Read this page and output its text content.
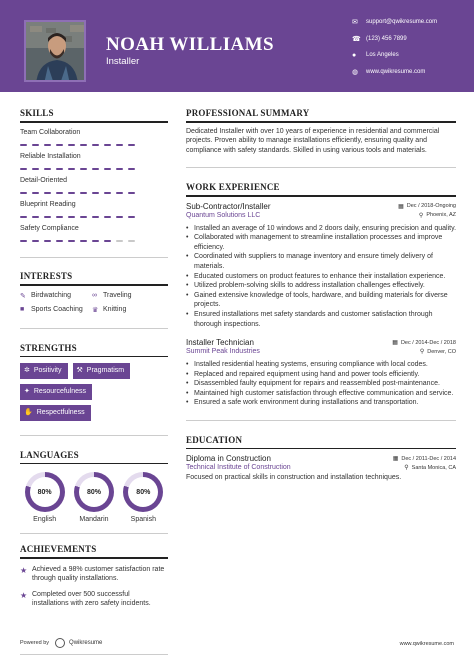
NOAH WILLIAMS
Installer
✉	support@qwikresume.com
☎ (123) 456 7899
●	Los Angeles
◍	www.qwikresume.com
SKILLS
Team Collaboration
Reliable Installation
Detail-Oriented
Blueprint Reading
Safety Compliance
INTERESTS
✎ Birdwatching	∞ Traveling
■ Sports Coaching ♛ Knitting
STRENGTHS
✲ Positivity ⚒ Pragmatism
✦ Resourcefulness
✋ Respectfulness
LANGUAGES
80%
English
80%
Mandarin
80%
Spanish
ACHIEVEMENTS
★ Achieved a 98% customer satisfaction rate through quality installations.
★ Completed over 500 successful installations with zero safety incidents.
PROFESSIONAL SUMMARY
Dedicated Installer with over 10 years of experience in residential and commercial projects. Proven ability to manage installations efficiently, ensuring quality and compliance with safety standards. Skilled in using various tools and materials.
WORK EXPERIENCE
Sub-Contractor/Installer	▦ Dec / 2018-Ongoing
Quantum Solutions LLC	⚲ Phoenix, AZ
• Installed an average of 10 windows and 2 doors daily, ensuring precision and quality.
• Collaborated with management to streamline installation processes and improve efficiency.
• Coordinated with suppliers to manage inventory and ensure timely delivery of materials.
• Educated customers on product features to enhance their installation experience.
• Utilized problem-solving skills to address installation challenges effectively.
• Gained extensive knowledge of tools, hardware, and building materials for diverse projects.
• Ensured installations met safety standards and customer satisfaction through thorough inspections.
Installer Technician	▦ Dec / 2014-Dec / 2018
Summit Peak Industries	⚲ Denver, CO
• Installed residential heating systems, ensuring compliance with local codes.
• Replaced and repaired equipment using hand and power tools efficiently.
• Disassembled faulty equipment for repairs and reassembled post-maintenance.
• Maintained high customer satisfaction through effective communication and service.
• Ensured a safe work environment during installations and transportation.
EDUCATION
Diploma in Construction	▦ Dec / 2011-Dec / 2014
Technical Institute of Construction	⚲ Santa Monica, CA
Focused on practical skills in construction and installation techniques.
Powered by	Qwikresume	www.qwikresume.com
